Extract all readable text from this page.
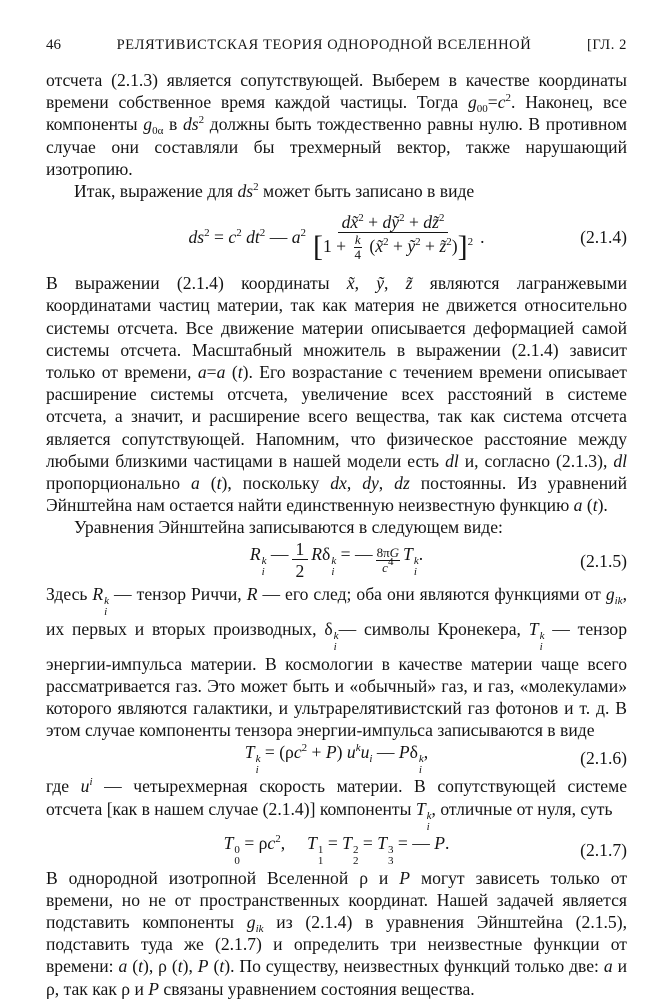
46	РЕЛЯТИВИСТСКАЯ ТЕОРИЯ ОДНОРОДНОЙ ВСЕЛЕННОЙ	[ГЛ. 2

отсчета (2.1.3) является сопутствующей. Выберем в качестве координаты времени собственное время каждой частицы. Тогда $g_{00}=c^2$. Наконец, все компоненты $g_{0\alpha}$ в $ds^2$ должны быть тождественно равны нулю. В противном случае они составляли бы трехмерный вектор, также нарушающий изотропию.

Итак, выражение для $ds^2$ может быть записано в виде

$ds^2 = c^2$ $dt^2$ — $a^2 \frac{dx̃^2 + dỹ^2 + dz̃^2}{[1 + \frac{k}{4} (x̃^2 + ỹ^2 + z̃^2)]^2}$ .	(2.1.4)

В выражении (2.1.4) координаты x̃, ỹ, z̃ являются лагранжевыми координатами частиц материи, так как материя не движется относительно системы отсчета. Все движение материи описывается деформацией самой системы отсчета. Масштабный множитель в выражении (2.1.4) зависит только от времени, a=a (t). Его возрастание с течением времени описывает расширение системы отсчета, увеличение всех расстояний в системе отсчета, а значит, и расширение всего вещества, так как система отсчета является сопутствующей. Напомним, что физическое расстояние между любыми близкими частицами в нашей модели есть dl и, согласно (2.1.3), dl пропорционально a (t), поскольку dx, dy, dz постоянны. Из уравнений Эйнштейна нам остается найти единственную неизвестную функцию a (t).

Уравнения Эйнштейна записываются в следующем виде:

R k
i
— $\frac{1}{2}$ Rδ k
i
= — $\frac{8\pi G}{c^4}$ T k
i
.	(2.1.5)

Здесь R k
i
— тензор Риччи, R — его след; оба они являются функциями от $g_{ik}$, их первых и вторых производных, δ k
i
— символы Кронекера, T k
i
— тензор энергии-импульса материи. В космологии в качестве материи чаще всего рассматривается газ. Это может быть и «обычный» газ, и газ, «молекулами» которого являются галактики, и ультрарелятивистский газ фотонов и т. д. В этом случае компоненты тензора энергии-импульса записываются в виде

T k
i
= $(\rho c^2 + P)$ $u^ku_i$ — Pδ k
i
,	(2.1.6)

где $u^i$ — четырехмерная скорость материи. В сопутствующей системе отсчета [как в нашем случае (2.1.4)] компоненты T k
i
, отличные от нуля, суть

T 0
0
= $\rho c^2$,     T 1
1
= T 2
2
= T 3
3
= — P.	(2.1.7)

В однородной изотропной Вселенной ρ и P могут зависеть только от времени, но не от пространственных координат. Нашей задачей является подставить компоненты $g_{ik}$ из (2.1.4) в уравнения Эйнштейна (2.1.5), подставить туда же (2.1.7) и определить три неизвестные функции от времени: a (t), ρ (t), P (t). По существу, неизвестных функций только две: a и ρ, так как ρ и P связаны уравнением состояния вещества.
